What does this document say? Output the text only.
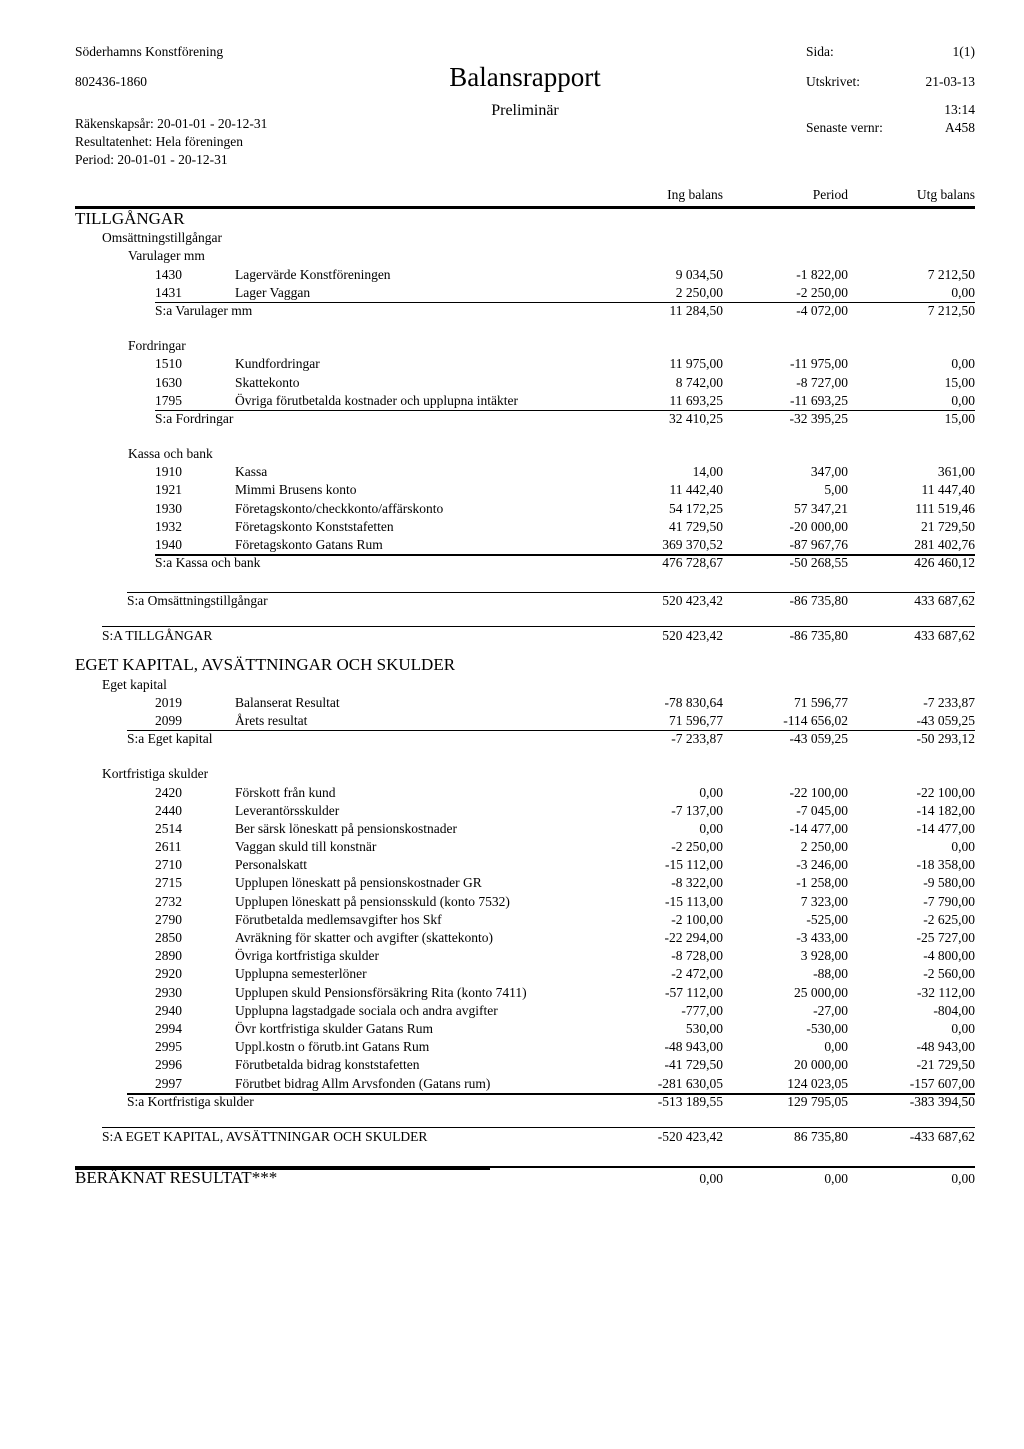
Söderhamns Konstförening
802436-1860	Balansrapport
Preliminär
Räkenskapsår: 20-01-01 - 20-12-31
Resultatenhet: Hela föreningen
Period: 20-01-01 - 20-12-31
Sida:	1(1)
Utskrivet:	21-03-13
13:14
Senaste vernr:	A458
Ing balans	Period	Utg balans
TILLGÅNGAR
Omsättningstillgångar
Varulager mm
1430	Lagervärde Konstföreningen	9 034,50	-1 822,00	7 212,50
1431	Lager Vaggan	2 250,00	-2 250,00	0,00
S:a Varulager mm	11 284,50	-4 072,00	7 212,50
Fordringar
1510	Kundfordringar	11 975,00	-11 975,00	0,00
1630	Skattekonto	8 742,00	-8 727,00	15,00
1795	Övriga förutbetalda kostnader och upplupna intäkter	11 693,25	-11 693,25	0,00
S:a Fordringar	32 410,25	-32 395,25	15,00
Kassa och bank
1910	Kassa	14,00	347,00	361,00
1921	Mimmi Brusens konto	11 442,40	5,00	11 447,40
1930	Företagskonto/checkkonto/affärskonto	54 172,25	57 347,21	111 519,46
1932	Företagskonto Konststafetten	41 729,50	-20 000,00	21 729,50
1940	Företagskonto Gatans Rum	369 370,52	-87 967,76	281 402,76
S:a Kassa och bank	476 728,67	-50 268,55	426 460,12
S:a Omsättningstillgångar	520 423,42	-86 735,80	433 687,62
S:A TILLGÅNGAR	520 423,42	-86 735,80	433 687,62
EGET KAPITAL, AVSÄTTNINGAR OCH SKULDER
Eget kapital
2019	Balanserat Resultat	-78 830,64	71 596,77	-7 233,87
2099	Årets resultat	71 596,77	-114 656,02	-43 059,25
S:a Eget kapital	-7 233,87	-43 059,25	-50 293,12
Kortfristiga skulder
2420	Förskott från kund	0,00	-22 100,00	-22 100,00
2440	Leverantörsskulder	-7 137,00	-7 045,00	-14 182,00
2514	Ber särsk löneskatt på pensionskostnader	0,00	-14 477,00	-14 477,00
2611	Vaggan skuld till konstnär	-2 250,00	2 250,00	0,00
2710	Personalskatt	-15 112,00	-3 246,00	-18 358,00
2715	Upplupen löneskatt på pensionskostnader GR	-8 322,00	-1 258,00	-9 580,00
2732	Upplupen löneskatt på pensionsskuld (konto 7532)	-15 113,00	7 323,00	-7 790,00
2790	Förutbetalda medlemsavgifter hos Skf	-2 100,00	-525,00	-2 625,00
2850	Avräkning för skatter och avgifter (skattekonto)	-22 294,00	-3 433,00	-25 727,00
2890	Övriga kortfristiga skulder	-8 728,00	3 928,00	-4 800,00
2920	Upplupna semesterlöner	-2 472,00	-88,00	-2 560,00
2930	Upplupen skuld Pensionsförsäkring Rita (konto 7411)	-57 112,00	25 000,00	-32 112,00
2940	Upplupna lagstadgade sociala och andra avgifter	-777,00	-27,00	-804,00
2994	Övr kortfristiga skulder Gatans Rum	530,00	-530,00	0,00
2995	Uppl.kostn o förutb.int Gatans Rum	-48 943,00	0,00	-48 943,00
2996	Förutbetalda bidrag konststafetten	-41 729,50	20 000,00	-21 729,50
2997	Förutbet bidrag Allm Arvsfonden (Gatans rum)	-281 630,05	124 023,05	-157 607,00
S:a Kortfristiga skulder	-513 189,55	129 795,05	-383 394,50
S:A EGET KAPITAL, AVSÄTTNINGAR OCH SKULDER	-520 423,42	86 735,80	-433 687,62
BERÄKNAT RESULTAT***	0,00	0,00	0,00
